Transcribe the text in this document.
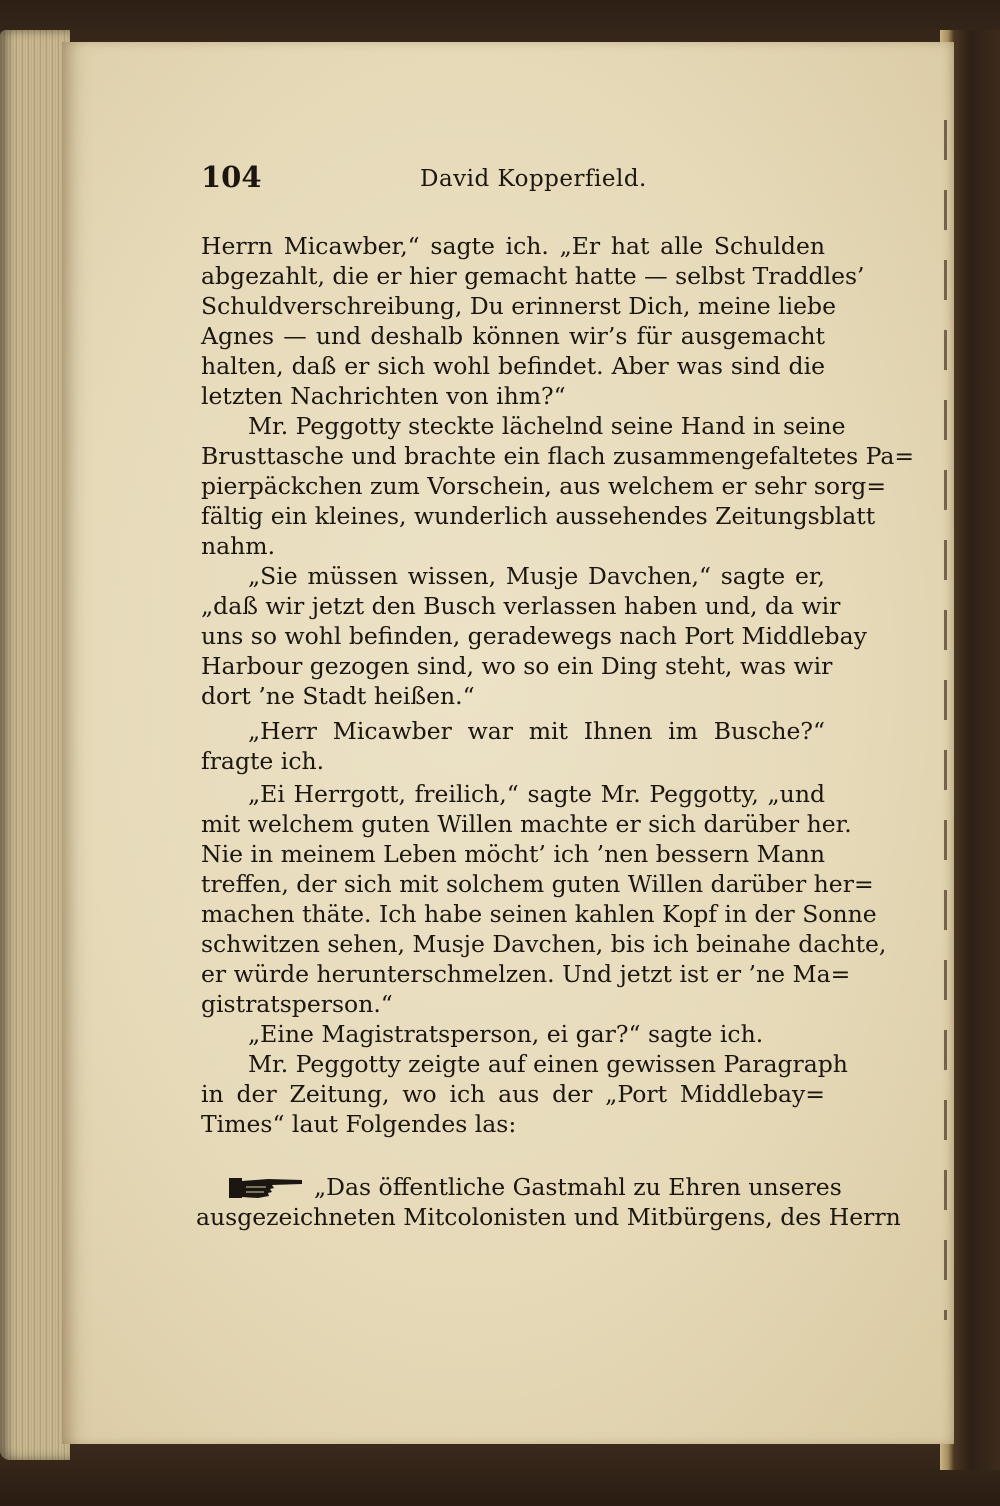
104	David Kopperfield.
Herrn Micawber,“ sagte ich. „Er hat alle Schulden
abgezahlt, die er hier gemacht hatte — selbst Traddles’
Schuldverschreibung, Du erinnerst Dich, meine liebe
Agnes — und deshalb können wir’s für ausgemacht
halten, daß er sich wohl befindet. Aber was sind die
letzten Nachrichten von ihm?“
Mr. Peggotty steckte lächelnd seine Hand in seine
Brusttasche und brachte ein flach zusammengefaltetes Pa=
pierpäckchen zum Vorschein, aus welchem er sehr sorg=
fältig ein kleines, wunderlich aussehendes Zeitungsblatt
nahm.
„Sie müssen wissen, Musje Davchen,“ sagte er,
„daß wir jetzt den Busch verlassen haben und, da wir
uns so wohl befinden, geradewegs nach Port Middlebay
Harbour gezogen sind, wo so ein Ding steht, was wir
dort ’ne Stadt heißen.“
„Herr Micawber war mit Ihnen im Busche?“
fragte ich.
„Ei Herrgott, freilich,“ sagte Mr. Peggotty, „und
mit welchem guten Willen machte er sich darüber her.
Nie in meinem Leben möcht’ ich ’nen bessern Mann
treffen, der sich mit solchem guten Willen darüber her=
machen thäte. Ich habe seinen kahlen Kopf in der Sonne
schwitzen sehen, Musje Davchen, bis ich beinahe dachte,
er würde herunterschmelzen. Und jetzt ist er ’ne Ma=
gistratsperson.“
„Eine Magistratsperson, ei gar?“ sagte ich.
Mr. Peggotty zeigte auf einen gewissen Paragraph
in der Zeitung, wo ich aus der „Port Middlebay=
Times“ laut Folgendes las:
„Das öffentliche Gastmahl zu Ehren unseres
ausgezeichneten Mitcolonisten und Mitbürgens, des Herrn
